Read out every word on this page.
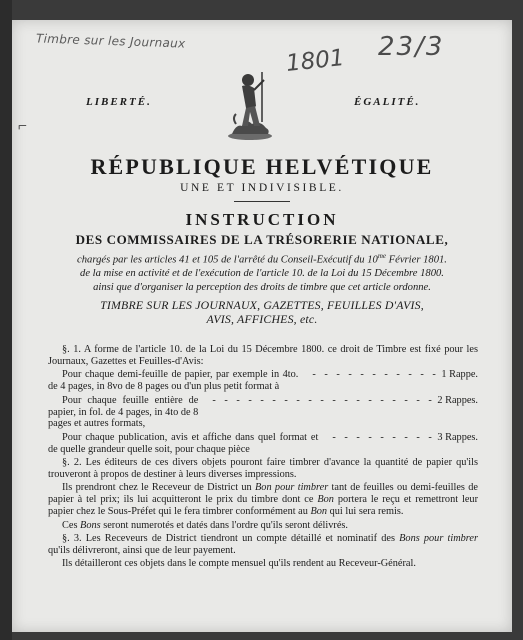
Timbre sur les Journaux
1801 23/3
LIBERTÉ.	ÉGALITÉ.
⌐
RÉPUBLIQUE HELVÉTIQUE
UNE ET INDIVISIBLE.
INSTRUCTION
DES COMMISSAIRES DE LA TRÉSORERIE NATIONALE,
chargés par les articles 41 et 105 de l'arrêté du Conseil-Exécutif du $10^{me}$ Février 1801.
de la mise en activité et de l'exécution de l'article 10. de la Loi du 15 Décembre 1800.
ainsi que d'organiser la perception des droits de timbre que cet article ordonne.
TIMBRE SUR LES JOURNAUX, GAZETTES, FEUILLES D'AVIS,
AVIS, AFFICHES, etc.

§. 1. A forme de l'article 10. de la Loi du 15 Décembre 1800. ce droit de Timbre est fixé pour les Journaux, Gazettes et Feuilles-d'Avis:

Pour chaque demi-feuille de papier, par exemple in 4to. de 4 pages, in 8vo de 8 pages ou d'un plus petit format à
- - - - - - - - - - - 1 Rappe.

Pour chaque feuille entière de papier, in fol. de 4 pages, in 4to de 8 pages et autres formats,
- - - - - - - - - - - - - - - - - - - 2 Rappes.

Pour chaque publication, avis et affiche dans quel format et de quelle grandeur quelle soit, pour chaque pièce
- - - - - - - - - 3 Rappes.

§. 2. Les éditeurs de ces divers objets pouront faire timbrer d'avance la quantité de papier qu'ils trouveront à propos de destiner à leurs diverses impressions.

Ils prendront chez le Receveur de District un Bon pour timbrer tant de feuilles ou demi-feuilles de papier à tel prix; ils lui acquitteront le prix du timbre dont ce Bon portera le reçu et remettront leur papier chez le Sous-Préfet qui le fera timbrer conformément au Bon qui lui sera remis.

Ces Bons seront numerotés et datés dans l'ordre qu'ils seront délivrés.

§. 3. Les Receveurs de District tiendront un compte détaillé et nominatif des Bons pour timbrer qu'ils délivreront, ainsi que de leur payement.

Ils détailleront ces objets dans le compte mensuel qu'ils rendent au Receveur-Général.
